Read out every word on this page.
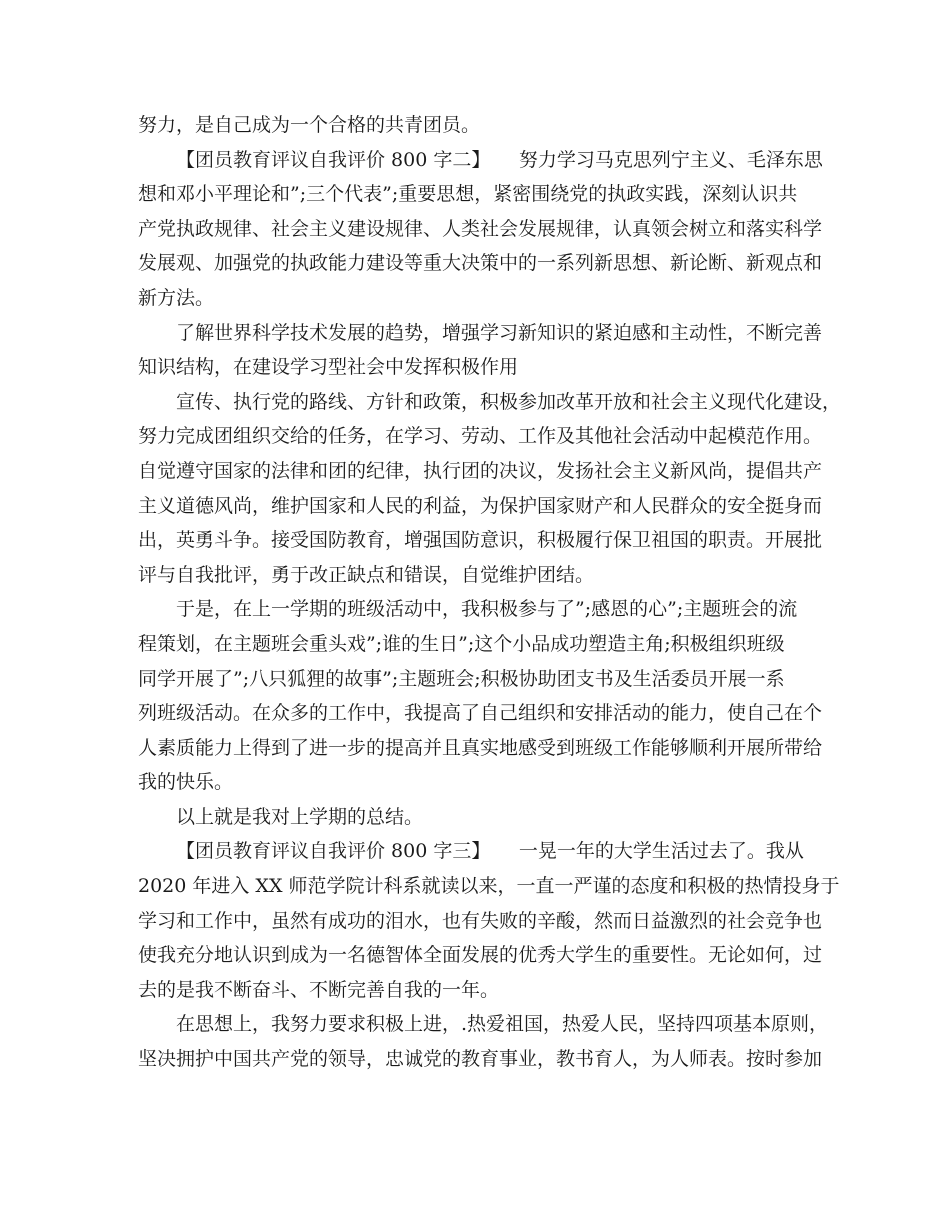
努力，是自己成为一个合格的共青团员。
【团员教育评议自我评价 800 字二】　　努力学习马克思列宁主义、毛泽东思
想和邓小平理论和”;三个代表”;重要思想，紧密围绕党的执政实践，深刻认识共
产党执政规律、社会主义建设规律、人类社会发展规律，认真领会树立和落实科学
发展观、加强党的执政能力建设等重大决策中的一系列新思想、新论断、新观点和
新方法。
了解世界科学技术发展的趋势，增强学习新知识的紧迫感和主动性，不断完善
知识结构，在建设学习型社会中发挥积极作用
宣传、执行党的路线、方针和政策，积极参加改革开放和社会主义现代化建设，
努力完成团组织交给的任务，在学习、劳动、工作及其他社会活动中起模范作用。
自觉遵守国家的法律和团的纪律，执行团的决议，发扬社会主义新风尚，提倡共产
主义道德风尚，维护国家和人民的利益，为保护国家财产和人民群众的安全挺身而
出，英勇斗争。接受国防教育，增强国防意识，积极履行保卫祖国的职责。开展批
评与自我批评，勇于改正缺点和错误，自觉维护团结。
于是，在上一学期的班级活动中，我积极参与了”;感恩的心”;主题班会的流
程策划，在主题班会重头戏”;谁的生日”;这个小品成功塑造主角;积极组织班级
同学开展了”;八只狐狸的故事”;主题班会;积极协助团支书及生活委员开展一系
列班级活动。在众多的工作中，我提高了自己组织和安排活动的能力，使自己在个
人素质能力上得到了进一步的提高并且真实地感受到班级工作能够顺利开展所带给
我的快乐。
以上就是我对上学期的总结。
【团员教育评议自我评价 800 字三】　　一晃一年的大学生活过去了。我从
2020 年进入 XX 师范学院计科系就读以来，一直一严谨的态度和积极的热情投身于
学习和工作中，虽然有成功的泪水，也有失败的辛酸，然而日益激烈的社会竞争也
使我充分地认识到成为一名德智体全面发展的优秀大学生的重要性。无论如何，过
去的是我不断奋斗、不断完善自我的一年。
在思想上，我努力要求积极上进，.热爱祖国，热爱人民，坚持四项基本原则，
坚决拥护中国共产党的领导，忠诚党的教育事业，教书育人，为人师表。按时参加
